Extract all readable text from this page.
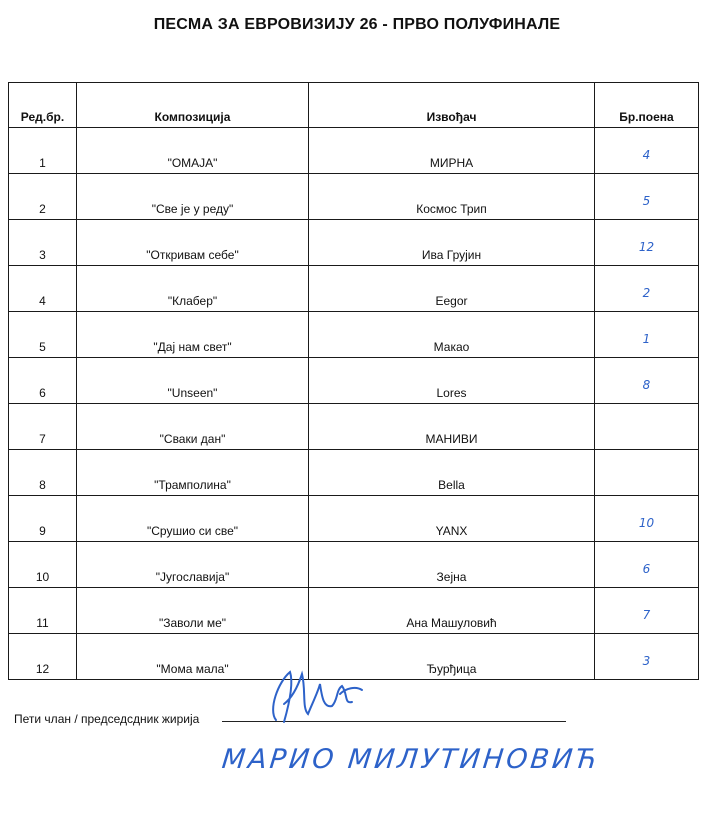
ПЕСМА ЗА ЕВРОВИЗИЈУ 26 - ПРВО ПОЛУФИНАЛЕ
Ред.бр.	Композиција	Извођач	Бр.поена
1	"ОМАЈА"	МИРНА	4
2	"Све је у реду"	Космос Трип	5
3	"Откривам себе"	Ива Грујин	12
4	"Клабер"	Eegor	2
5	"Дај нам свет"	Макао	1
6	"Unseen"	Lores	8
7	"Сваки дан"	МАНИВИ	
8	"Трамполина"	Bella	
9	"Срушио си све"	YANX	10
10	"Југославија"	Зејна	6
11	"Заволи ме"	Ана Машуловић	7
12	"Мома мала"	Ђурђица	3
Пети члан / председсдник жирија
МАРИО МИЛУТИНОВИЋ
